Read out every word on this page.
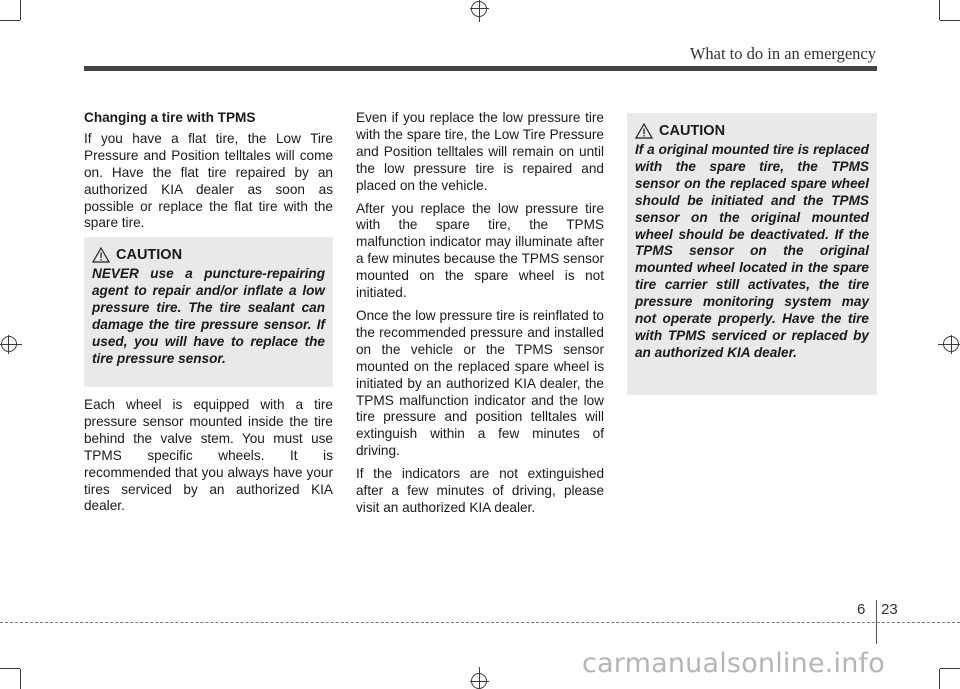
What to do in an emergency

Changing a tire with TPMS

If you have a flat tire, the Low Tire Pressure and Position telltales will come on. Have the flat tire repaired by an authorized KIA dealer as soon as possible or replace the flat tire with the spare tire.

CAUTION
NEVER use a puncture-repairing agent to repair and/or inflate a low pressure tire. The tire sealant can damage the tire pressure sensor. If used, you will have to replace the tire pressure sensor.

Each wheel is equipped with a tire pressure sensor mounted inside the tire behind the valve stem. You must use TPMS specific wheels. It is recommended that you always have your tires serviced by an authorized KIA dealer.

Even if you replace the low pressure tire with the spare tire, the Low Tire Pressure and Position telltales will remain on until the low pressure tire is repaired and placed on the vehicle.

After you replace the low pressure tire with the spare tire, the TPMS malfunction indicator may illuminate after a few minutes because the TPMS sensor mounted on the spare wheel is not initiated.

Once the low pressure tire is reinflated to the recommended pressure and installed on the vehicle or the TPMS sensor mounted on the replaced spare wheel is initiated by an authorized KIA dealer, the TPMS malfunction indicator and the low tire pressure and position telltales will extinguish within a few minutes of driving.

If the indicators are not extinguished after a few minutes of driving, please visit an authorized KIA dealer.

CAUTION
If a original mounted tire is replaced with the spare tire, the TPMS sensor on the replaced spare wheel should be initiated and the TPMS sensor on the original mounted wheel should be deactivated. If the TPMS sensor on the original mounted wheel located in the spare tire carrier still activates, the tire pressure monitoring system may not operate properly. Have the tire with TPMS serviced or replaced by an authorized KIA dealer.
6 23
carmanualsonline.info
